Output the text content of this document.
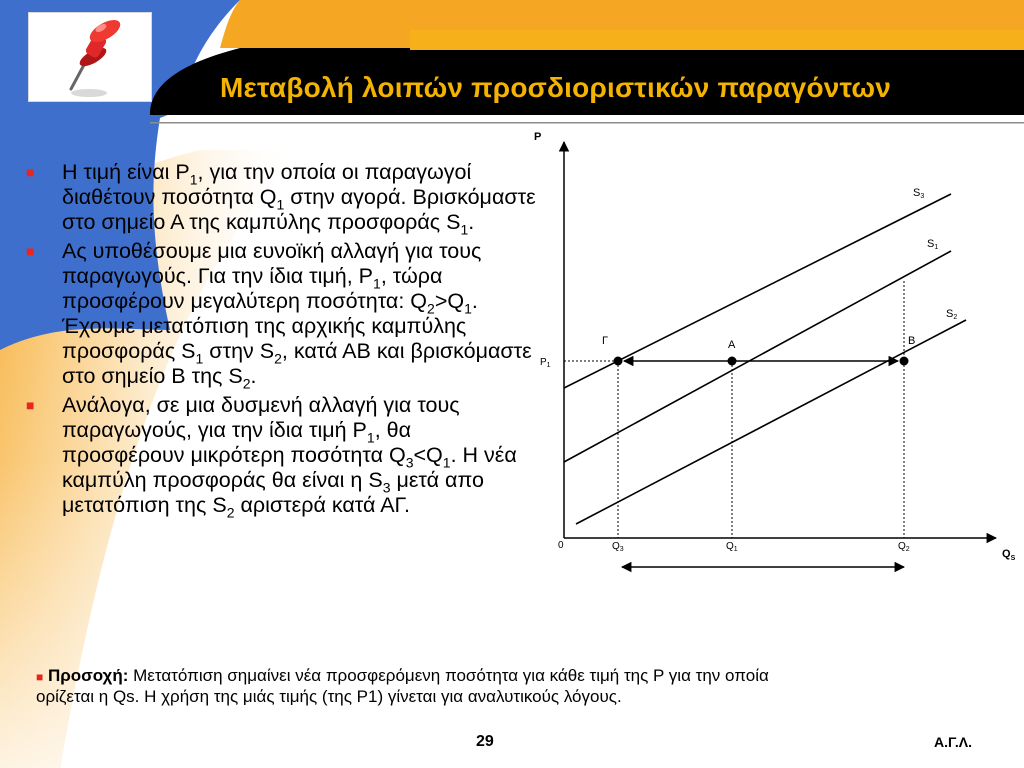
Μεταβολή λοιπών προσδιοριστικών παραγόντων
■ Η τιμή είναι $P_1$, για την οποία οι παραγωγοί διαθέτουν ποσότητα $Q_1$ στην αγορά. Βρισκόμαστε στο σημείο Α της καμπύλης προσφοράς $S_1$.
■ Ας υποθέσουμε μια ευνοϊκή αλλαγή για τους παραγωγούς. Για την ίδια τιμή, $P_1$, τώρα προσφέρουν μεγαλύτερη ποσότητα: $Q_2>Q_1$. Έχουμε μετατόπιση της αρχικής καμπύλης προσφοράς $S_1$ στην $S_2$, κατά ΑΒ και βρισκόμαστε στο σημείο Β της $S_2$.
■ Ανάλογα, σε μια δυσμενή αλλαγή για τους παραγωγούς, για την ίδια τιμή $P_1$, θα προσφέρουν μικρότερη ποσότητα $Q_3<Q_1$. Η νέα καμπύλη προσφοράς θα είναι η $S_3$ μετά απο μετατόπιση της $S_2$ αριστερά κατά ΑΓ.
P
$Q_S$
0
S3
S1
S2
$P_1$
Γ	Α	Β
$Q_3$	$Q_1$	$Q_2$
■ Προσοχή: Μετατόπιση σημαίνει νέα προσφερόμενη ποσότητα για κάθε τιμή της P για την οποία ορίζεται η Qs. Η χρήση της μιάς τιμής (της P1) γίνεται για αναλυτικούς λόγους.
29	Α.Γ.Λ.
